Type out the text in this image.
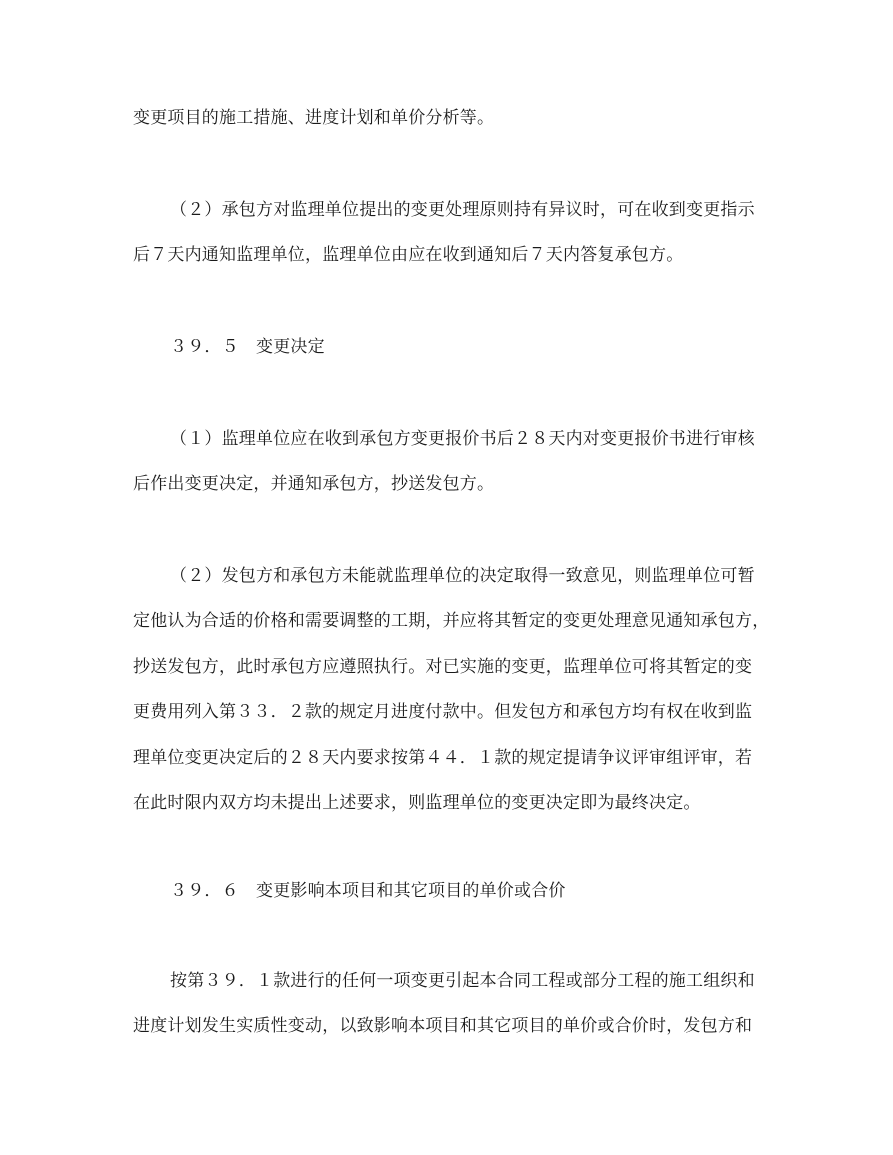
变更项目的施工措施、进度计划和单价分析等。
（２）承包方对监理单位提出的变更处理原则持有异议时，可在收到变更指示
后７天内通知监理单位，监理单位由应在收到通知后７天内答复承包方。
３９．５　变更决定
（１）监理单位应在收到承包方变更报价书后２８天内对变更报价书进行审核
后作出变更决定，并通知承包方，抄送发包方。
（２）发包方和承包方未能就监理单位的决定取得一致意见，则监理单位可暂
定他认为合适的价格和需要调整的工期，并应将其暂定的变更处理意见通知承包方，
抄送发包方，此时承包方应遵照执行。对已实施的变更，监理单位可将其暂定的变
更费用列入第３３．２款的规定月进度付款中。但发包方和承包方均有权在收到监
理单位变更决定后的２８天内要求按第４４．１款的规定提请争议评审组评审，若
在此时限内双方均未提出上述要求，则监理单位的变更决定即为最终决定。
３９．６　变更影响本项目和其它项目的单价或合价
按第３９．１款进行的任何一项变更引起本合同工程或部分工程的施工组织和
进度计划发生实质性变动，以致影响本项目和其它项目的单价或合价时，发包方和
